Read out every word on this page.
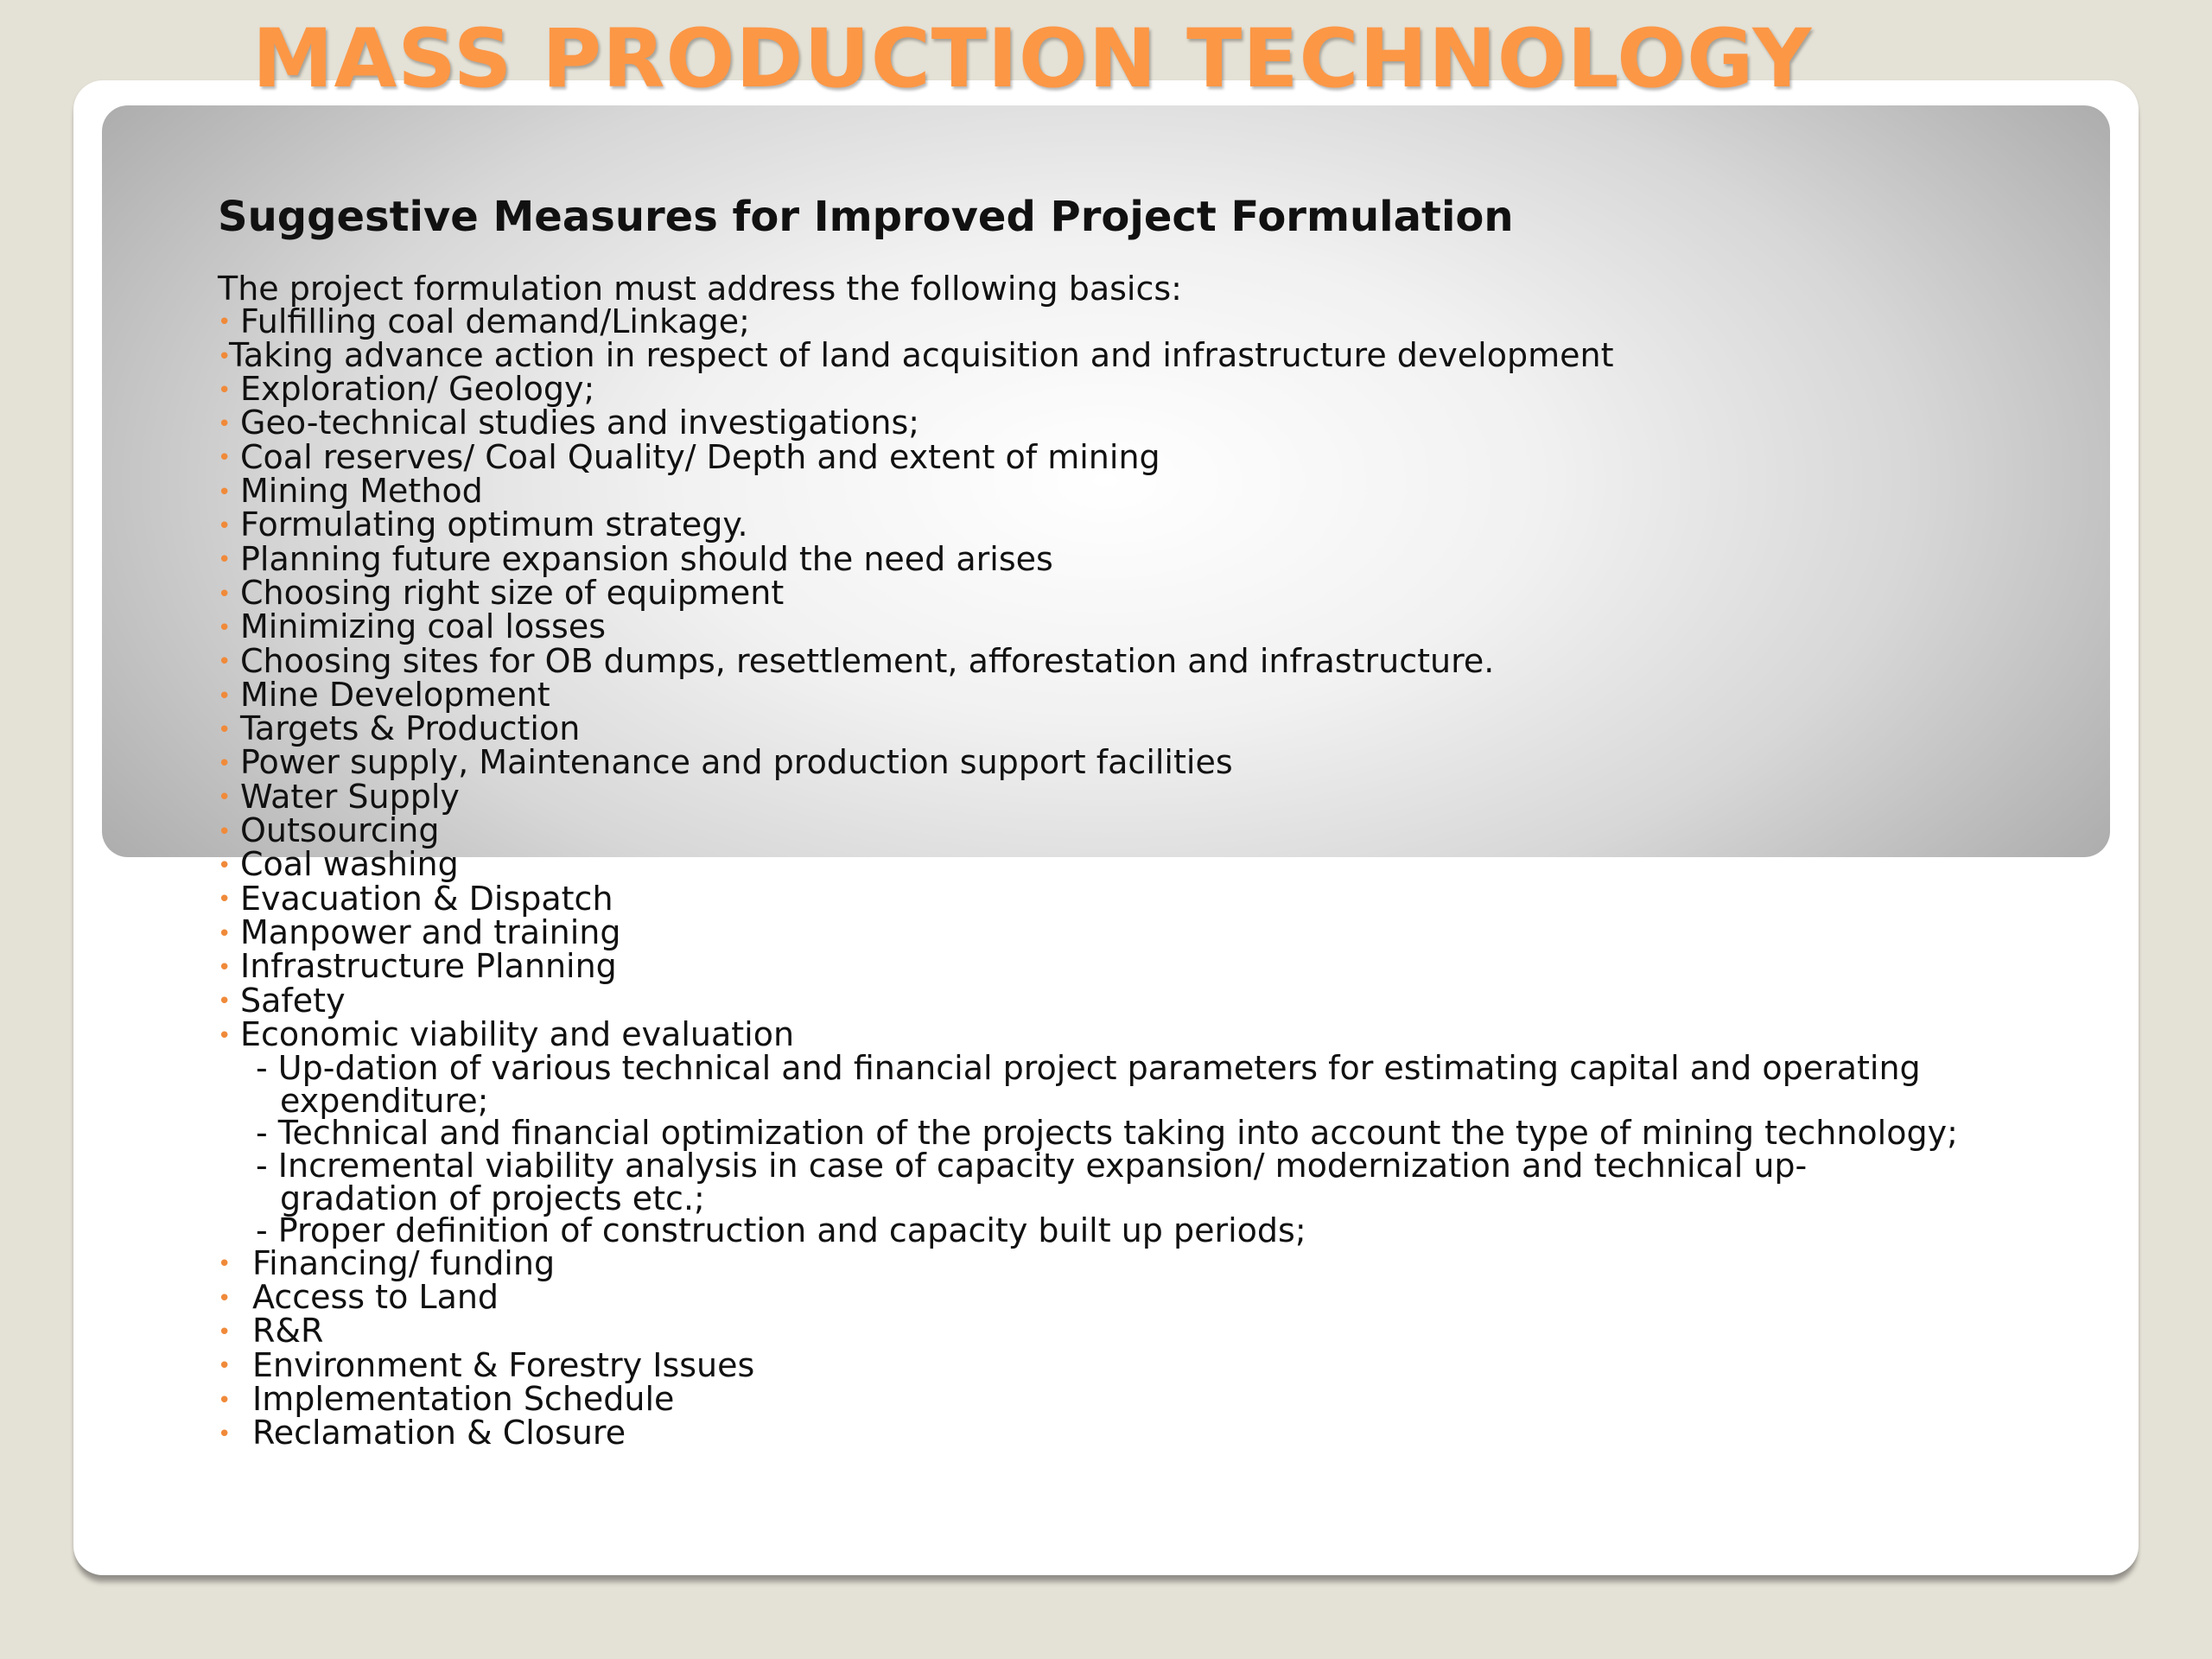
MASS PRODUCTION TECHNOLOGY
Suggestive Measures for Improved Project Formulation
The project formulation must address the following basics:
• Fulfilling coal demand/Linkage;
•Taking advance action in respect of land acquisition and infrastructure development
• Exploration/ Geology;
• Geo-technical studies and investigations;
• Coal reserves/ Coal Quality/ Depth and extent of mining
• Mining Method
• Formulating optimum strategy.
• Planning future expansion should the need arises
• Choosing right size of equipment
• Minimizing coal losses
• Choosing sites for OB dumps, resettlement, afforestation and infrastructure.
• Mine Development
• Targets & Production
• Power supply, Maintenance and production support facilities
• Water Supply
• Outsourcing
• Coal washing
• Evacuation & Dispatch
• Manpower and training
• Infrastructure Planning
• Safety
• Economic viability and evaluation
- Up-dation of various technical and financial project parameters for estimating capital and operating
expenditure;
- Technical and financial optimization of the projects taking into account the type of mining technology;
- Incremental viability analysis in case of capacity expansion/ modernization and technical up-
gradation of projects etc.;
- Proper definition of construction and capacity built up periods;
• Financing/ funding
• Access to Land
• R&R
• Environment & Forestry Issues
• Implementation Schedule
• Reclamation & Closure
